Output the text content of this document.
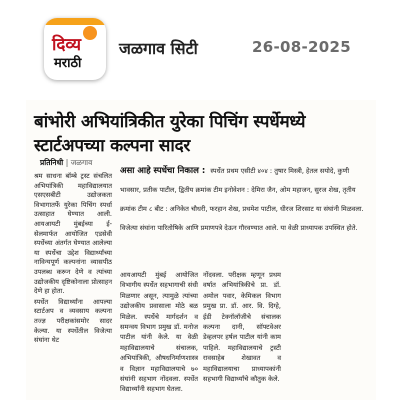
दिव्य
मराठी
जळगाव सिटी	26-08-2025
बांभोरी अभियांत्रिकीत युरेका पिचिंग स्पर्धेमध्ये स्टार्टअपच्या कल्पना सादर
प्रतिनिधी | जळगाव

श्रम साधना बॉम्बे ट्रस्ट संचलित अभियांत्रिकी महाविद्यालयात एसएसबीटी उद्योजकता विभागातर्फे युरेका पिचिंग स्पर्धा उत्साहात घेण्यात आली. आयआयटी मुंबईच्या ई-सेलमार्फत आयोजित एडसेवी स्पर्धेच्या अंतर्गत घेण्यात आलेल्या या स्पर्धेचा उद्देश विद्यार्थ्यांच्या नाविन्यपूर्ण कल्पनांना व्यासपीठ उपलब्ध करून देणे व त्यांच्या उद्योजकीय दृष्टिकोनाला प्रोत्साहन देणे हा होता.

स्पर्धेत विद्यार्थ्यांना आपल्या स्टार्टअप व व्यवसाय कल्पना तज्ज्ञ परीक्षकांसमोर सादर केल्या. या स्पर्धेतील विजेत्या संघांना थेट

असा आहे स्पर्धेचा निकाल : स्पर्धेत प्रथम एसीटी ४०४ : तुषार मिस्त्री, हेतल सयोदे, कुणी भावसार, प्रतीक पाटील, द्वितीय क्रमांक टीम इनोवेशन : देमिरा जैन, ओम महाजन, सुरज शेख, तृतीय क्रमांक टीम ८ बीट : अनिकेत चौधरी, फरहान शेख, प्रथमेश पाटील, धीरज शिरसाट या संघांनी मिळवला. विजेत्या संघांना पारितोषिके आणि प्रमाणपत्रे देऊन गौरवण्यात आले. या वेळी प्राध्यापक उपस्थित होते.

आयआयटी मुंबई आयोजित विभागीय स्पर्धेत सहभागाची संधी मिळणार असून, त्यामुळे त्यांच्या उद्योजकीय प्रवासाला मोठे बळ मिळेल. स्पर्धेचे मार्गदर्शन व समन्वय विभाग प्रमुख डॉ. मनोज पाटील यांनी केले. या वेळी महाविद्यालयाचे संचालक, अभियांत्रिकी, औषधनिर्माणशास्त्र व विज्ञान महाविद्यालयाचे ७० संघांनी सहभाग नोंदवला. स्पर्धेत विद्यार्थ्यांनी सहभाग घेतला.

नोंदवला. परीक्षक म्हणून प्रथम वर्षात अभियांत्रिकीचे प्रा. डॉ. अमोल पवार, केमिकल विभाग प्रमुख प्रा. डॉ. आर. वि. दिग्हे, ईडी टेक्नॉलॉजीचे संचालक कल्पना दानी, सॉफ्टवेअर डेव्हलपर हर्षल पाटील यांनी काम पाहिले. महाविद्यालयाचे ट्रस्टी रावसाहेब शेखावत व महाविद्यालयाचा प्राध्यापकांनी सहभागी विद्यार्थ्यांचे कौतुक केले.
